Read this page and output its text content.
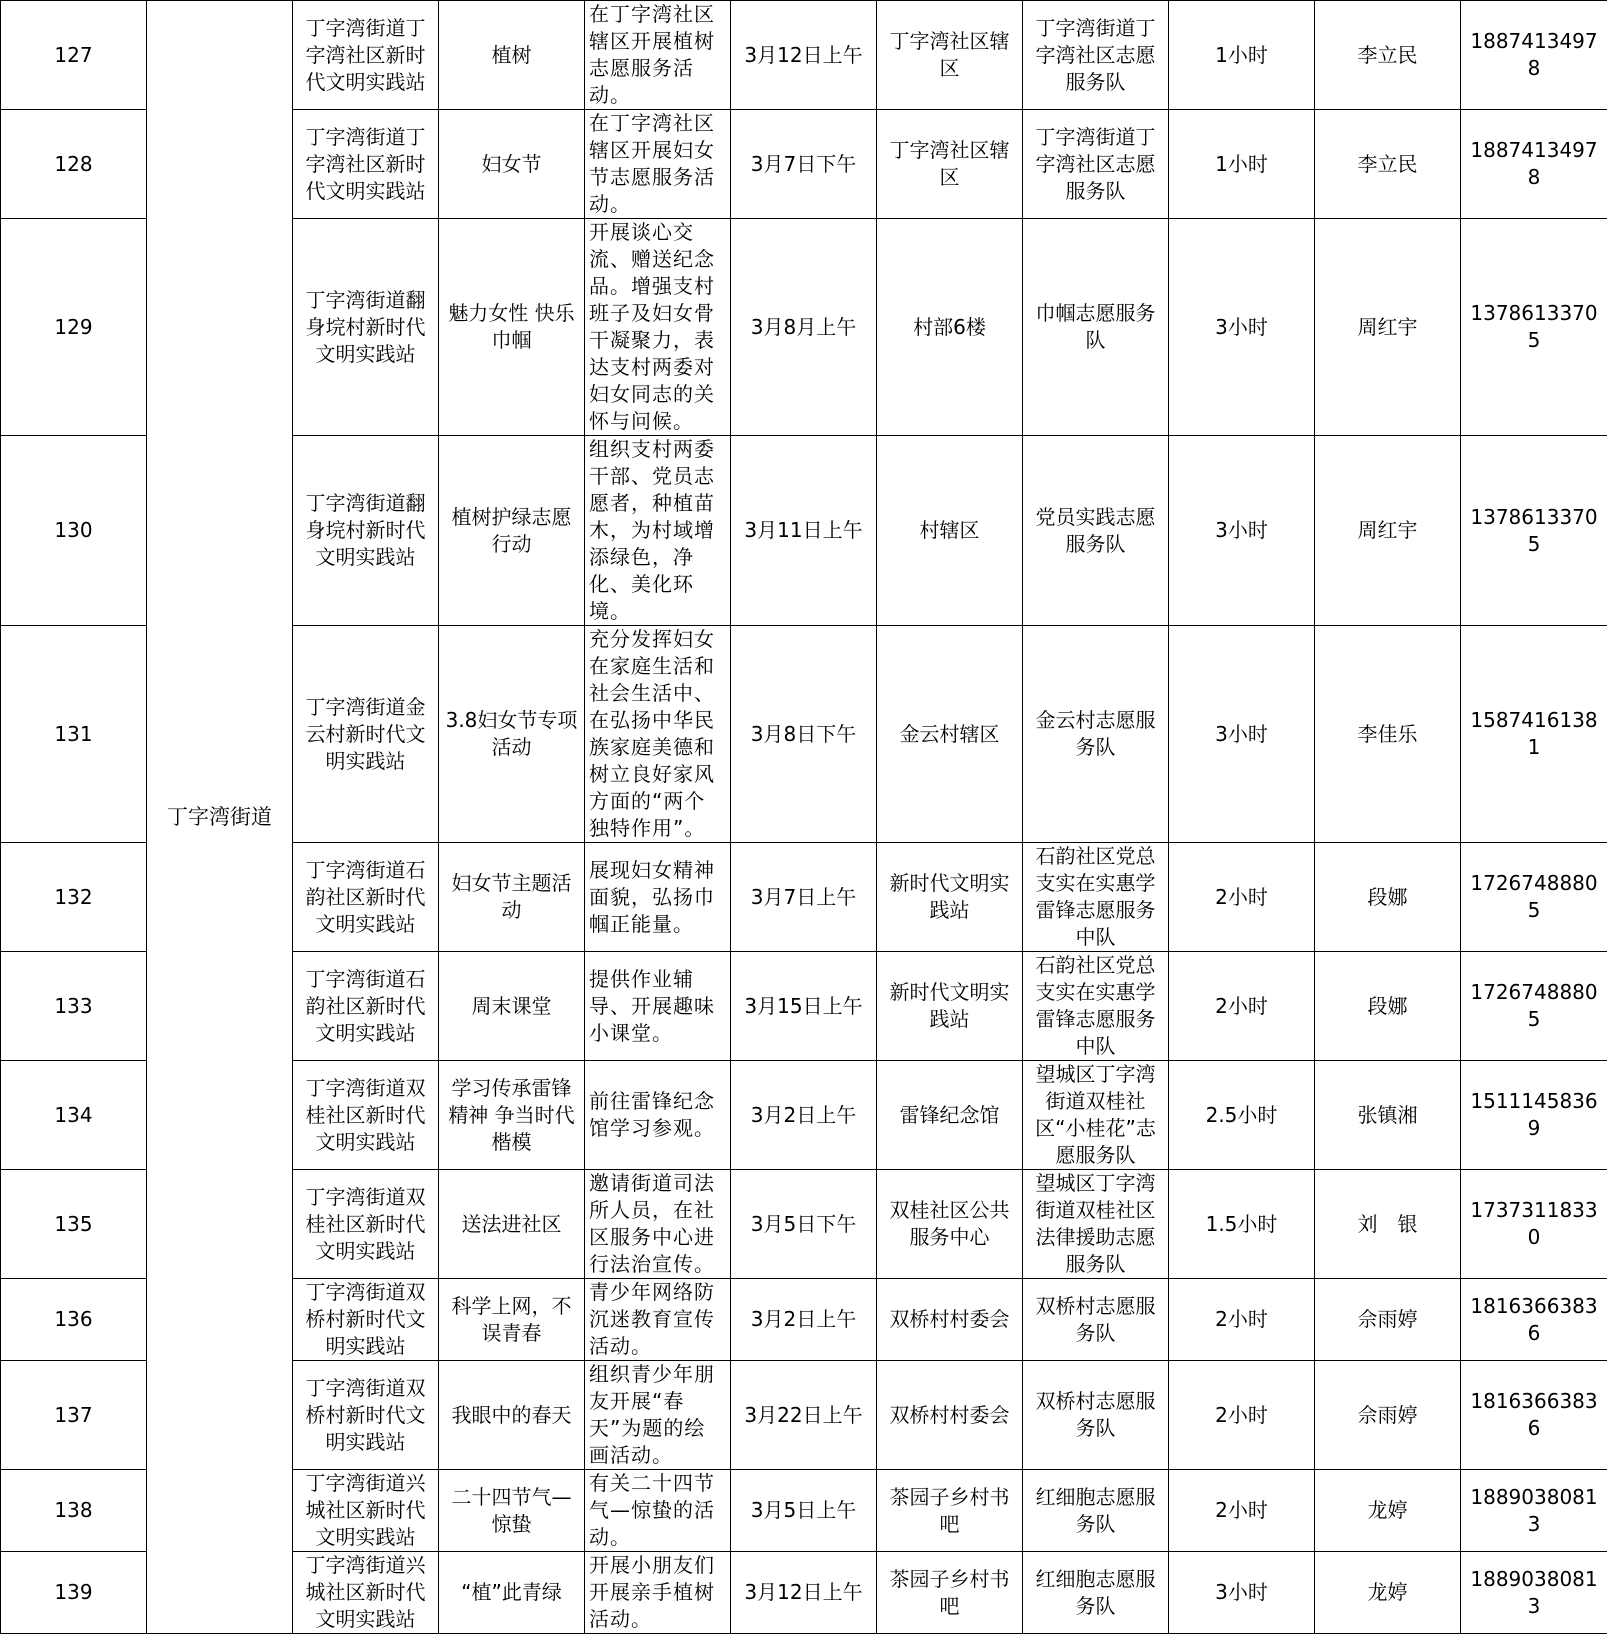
127	丁字湾街道	丁字湾街道丁字湾社区新时代文明实践站	植树	在丁字湾社区辖区开展植树志愿服务活动。	3月12日上午	丁字湾社区辖区	丁字湾街道丁字湾社区志愿服务队	1小时	李立民	18874134978
128		丁字湾街道丁字湾社区新时代文明实践站	妇女节	在丁字湾社区辖区开展妇女节志愿服务活动。	3月7日下午	丁字湾社区辖区	丁字湾街道丁字湾社区志愿服务队	1小时	李立民	18874134978
129		丁字湾街道翻身垸村新时代文明实践站	魅力女性 快乐巾帼	开展谈心交流、赠送纪念品。增强支村班子及妇女骨干凝聚力，表达支村两委对妇女同志的关怀与问候。	3月8月上午	村部6楼	巾帼志愿服务队	3小时	周红宇	13786133705
130		丁字湾街道翻身垸村新时代文明实践站	植树护绿志愿行动	组织支村两委干部、党员志愿者，种植苗木，为村域增添绿色，净化、美化环境。	3月11日上午	村辖区	党员实践志愿服务队	3小时	周红宇	13786133705
131		丁字湾街道金云村新时代文明实践站	3.8妇女节专项活动	充分发挥妇女在家庭生活和社会生活中、在弘扬中华民族家庭美德和树立良好家风方面的“两个独特作用”。	3月8日下午	金云村辖区	金云村志愿服务队	3小时	李佳乐	15874161381
132		丁字湾街道石韵社区新时代文明实践站	妇女节主题活动	展现妇女精神面貌，弘扬巾帼正能量。	3月7日上午	新时代文明实践站	石韵社区党总支实在实惠学雷锋志愿服务中队	2小时	段娜	17267488805
133		丁字湾街道石韵社区新时代文明实践站	周末课堂	提供作业辅导、开展趣味小课堂。	3月15日上午	新时代文明实践站	石韵社区党总支实在实惠学雷锋志愿服务中队	2小时	段娜	17267488805
134		丁字湾街道双桂社区新时代文明实践站	学习传承雷锋精神 争当时代楷模	前往雷锋纪念馆学习参观。	3月2日上午	雷锋纪念馆	望城区丁字湾街道双桂社区“小桂花”志愿服务队	2.5小时	张镇湘	15111458369
135		丁字湾街道双桂社区新时代文明实践站	送法进社区	邀请街道司法所人员，在社区服务中心进行法治宣传。	3月5日下午	双桂社区公共服务中心	望城区丁字湾街道双桂社区法律援助志愿服务队	1.5小时	刘　银	17373118330
136		丁字湾街道双桥村新时代文明实践站	科学上网，不误青春	青少年网络防沉迷教育宣传活动。	3月2日上午	双桥村村委会	双桥村志愿服务队	2小时	佘雨婷	18163663836
137		丁字湾街道双桥村新时代文明实践站	我眼中的春天	组织青少年朋友开展“春天”为题的绘画活动。	3月22日上午	双桥村村委会	双桥村志愿服务队	2小时	佘雨婷	18163663836
138		丁字湾街道兴城社区新时代文明实践站	二十四节气—惊蛰	有关二十四节气—惊蛰的活动。	3月5日上午	茶园子乡村书吧	红细胞志愿服务队	2小时	龙婷	18890380813
139		丁字湾街道兴城社区新时代文明实践站	“植”此青绿	开展小朋友们开展亲手植树活动。	3月12日上午	茶园子乡村书吧	红细胞志愿服务队	3小时	龙婷	18890380813
